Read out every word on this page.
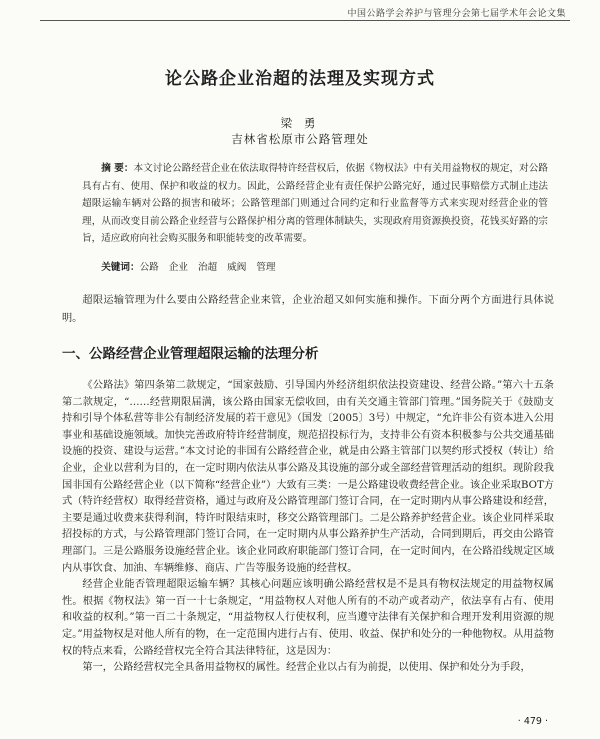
中国公路学会养护与管理分会第七届学术年会论文集
论公路企业治超的法理及实现方式
梁 勇
吉林省松原市公路管理处
摘 要：本文讨论公路经营企业在依法取得特许经营权后，依据《物权法》中有关用益物权的规定，对公路具有占有、使用、保护和收益的权力。因此，公路经营企业有责任保护公路完好，通过民事赔偿方式制止违法超限运输车辆对公路的损害和破坏；公路管理部门则通过合同约定和行业监督等方式来实现对经营企业的管理，从而改变目前公路企业经营与公路保护相分离的管理体制缺失，实现政府用资源换投资，花钱买好路的宗旨，适应政府向社会购买服务和职能转变的改革需要。
关键词：公路 企业 治超 威阀 管理
超限运输管理为什么要由公路经营企业来管，企业治超又如何实施和操作。下面分两个方面进行具体说明。
一、公路经营企业管理超限运输的法理分析

《公路法》第四条第二款规定，“国家鼓励、引导国内外经济组织依法投资建设、经营公路。”第六十五条第二款规定，“……经营期限届满，该公路由国家无偿收回，由有关交通主管部门管理。”国务院关于《鼓励支持和引导个体私营等非公有制经济发展的若干意见》（国发〔2005〕3号）中规定，“允许非公有资本进入公用事业和基础设施领域。加快完善政府特许经营制度，规范招投标行为，支持非公有资本积极参与公共交通基础设施的投资、建设与运营。”本文讨论的非国有公路经营企业，就是由公路主管部门以契约形式授权（转让）给企业，企业以营利为目的，在一定时期内依法从事公路及其设施的部分或全部经营管理活动的组织。现阶段我国非国有公路经营企业（以下简称“经营企业”）大致有三类：一是公路建设收费经营企业。该企业采取BOT方式（特许经营权）取得经营资格，通过与政府及公路管理部门签订合同，在一定时期内从事公路建设和经营，主要是通过收费来获得利润，特许时限结束时，移交公路管理部门。二是公路养护经营企业。该企业同样采取招投标的方式，与公路管理部门签订合同，在一定时期内从事公路养护生产活动，合同到期后，再交由公路管理部门。三是公路服务设施经营企业。该企业同政府职能部门签订合同，在一定时间内，在公路沿线规定区域内从事饮食、加油、车辆维修、商店、广告等服务设施的经营权。

经营企业能否管理超限运输车辆？其核心问题应该明确公路经营权是不是具有物权法规定的用益物权属性。根据《物权法》第一百一十七条规定，“用益物权人对他人所有的不动产或者动产，依法享有占有、使用和收益的权利。”第一百二十条规定，“用益物权人行使权利，应当遵守法律有关保护和合理开发利用资源的规定。”用益物权是对他人所有的物，在一定范围内进行占有、使用、收益、保护和处分的一种他物权。从用益物权的特点来看，公路经营权完全符合其法律特征，这是因为：

第一，公路经营权完全具备用益物权的属性。经营企业以占有为前提，以使用、保护和处分为手段，

· 479 ·
